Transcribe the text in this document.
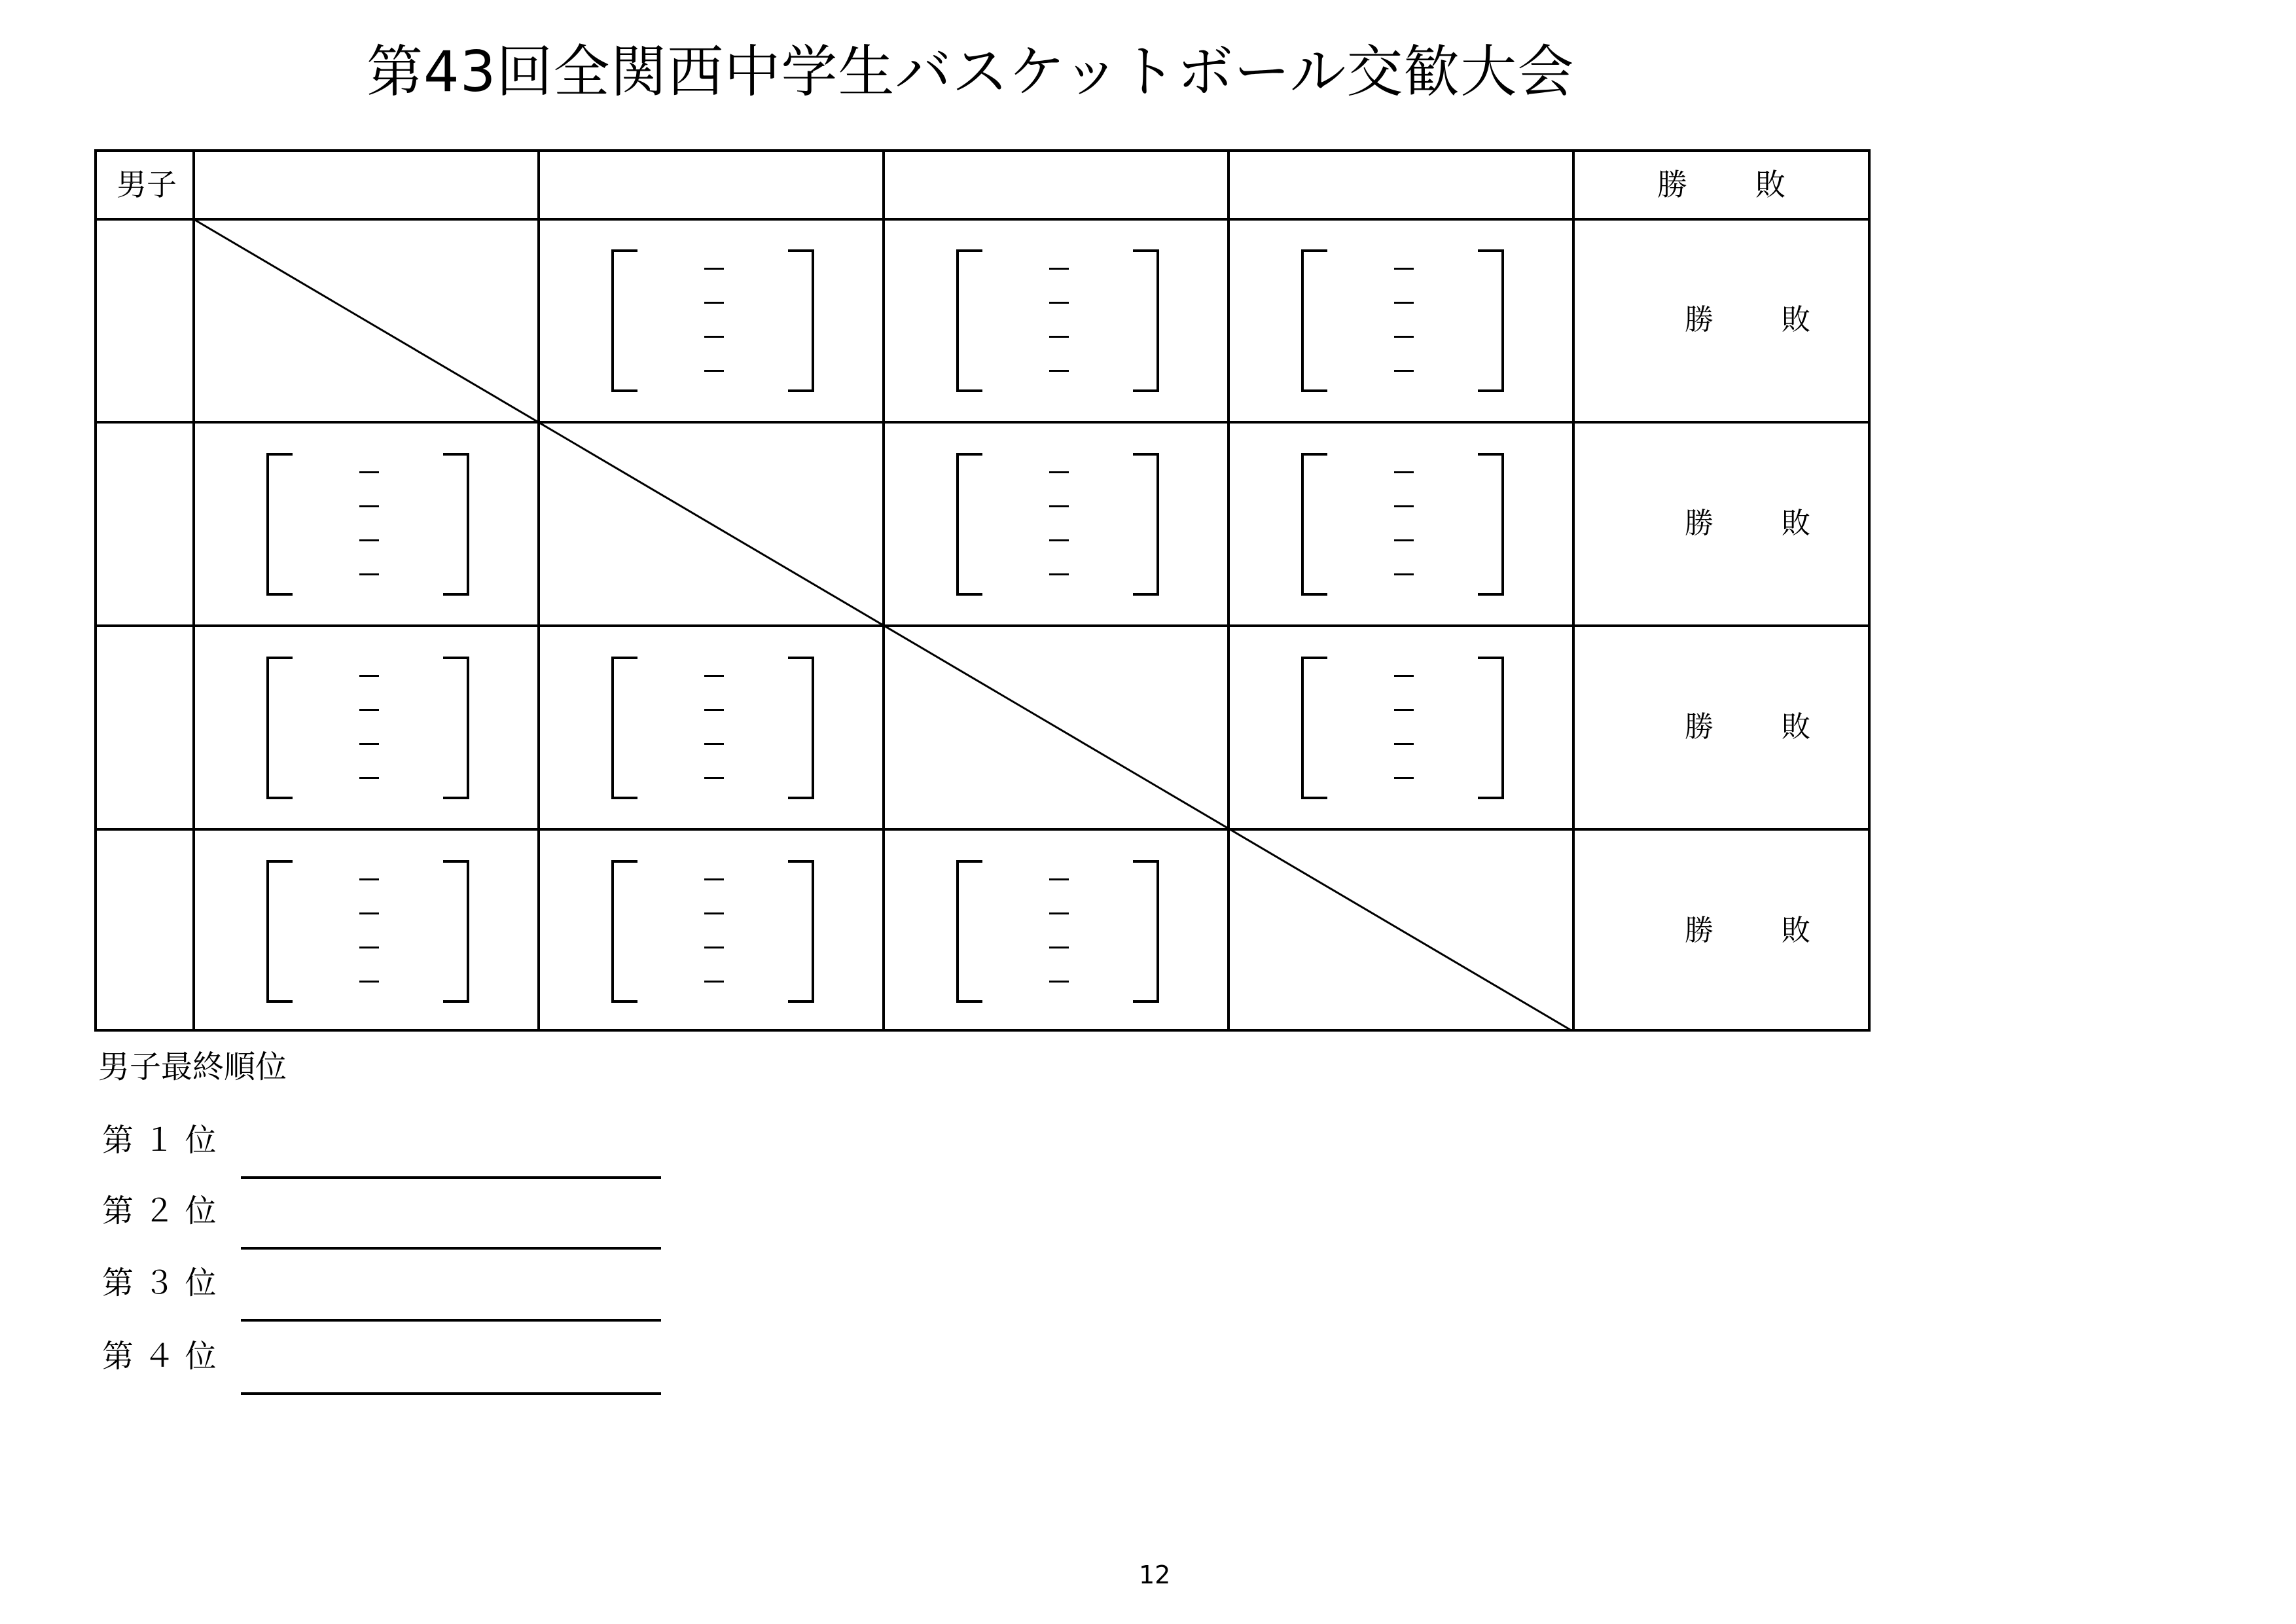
第43回全関西中学生バスケットボール交歓大会
男子	勝 敗
勝 敗
勝 敗
勝 敗
勝 敗
男子最終順位
第 １ 位
第 ２ 位
第 ３ 位
第 ４ 位
12
